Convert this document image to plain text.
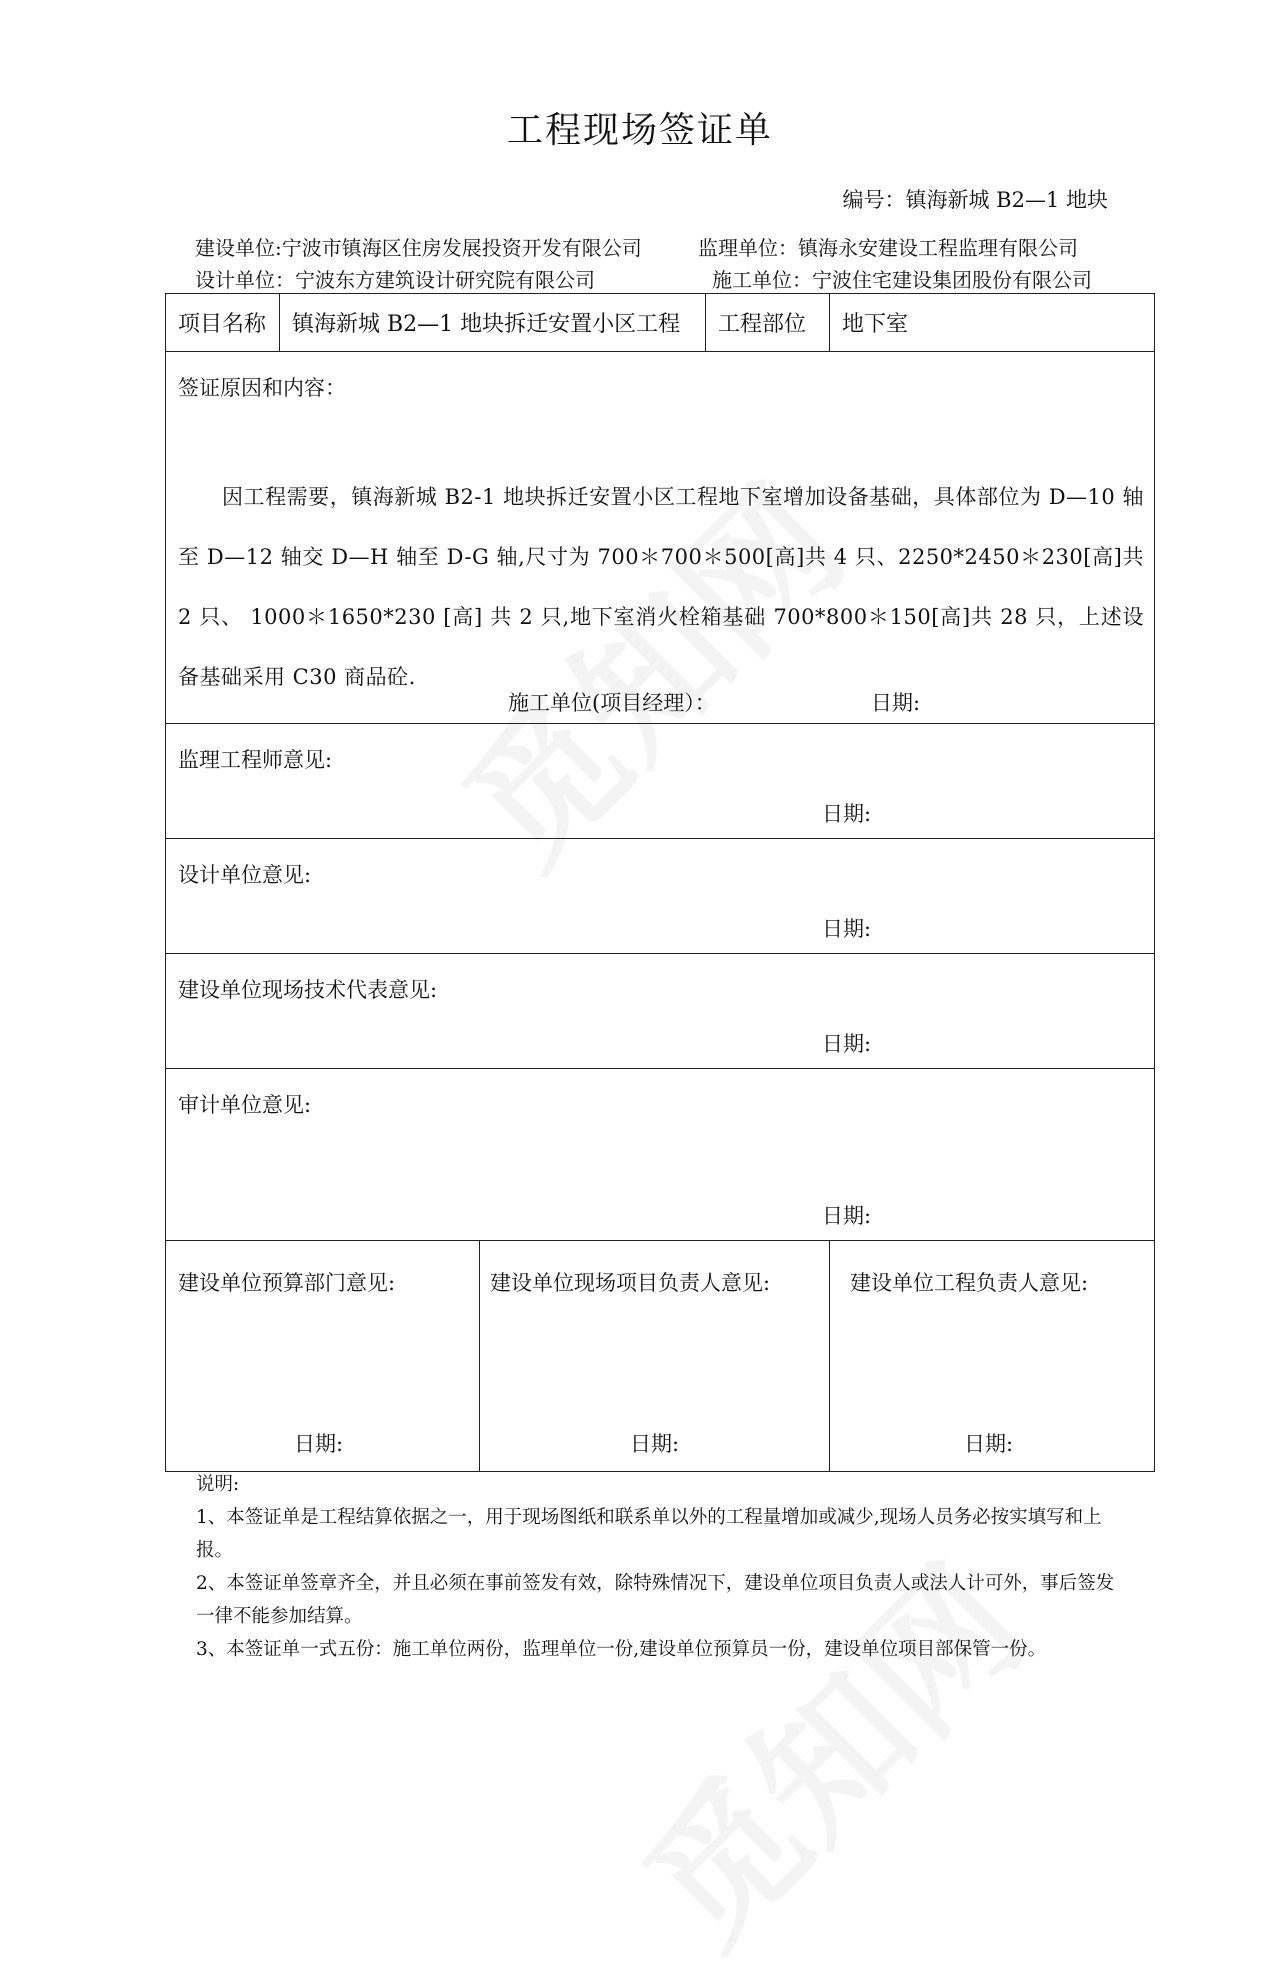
工程现场签证单
编号：镇海新城 B2—1 地块
建设单位:宁波市镇海区住房发展投资开发有限公司	监理单位：镇海永安建设工程监理有限公司
设计单位：宁波东方建筑设计研究院有限公司	施工单位：宁波住宅建设集团股份有限公司
项目名称	镇海新城 B2—1 地块拆迁安置小区工程	工程部位	地下室
签证原因和内容：
因工程需要，镇海新城 B2-1 地块拆迁安置小区工程地下室增加设备基础，具体部位为 D—10 轴至 D—12 轴交 D—H 轴至 D-G 轴,尺寸为 700＊700＊500[高]共 4 只、2250*2450＊230[高]共 2 只、 1000＊1650*230 [高] 共 2 只,地下室消火栓箱基础 700*800＊150[高]共 28 只，上述设备基础采用 C30 商品砼.
施工单位(项目经理）：	日期:
监理工程师意见:
日期:
设计单位意见:
日期:
建设单位现场技术代表意见:
日期:
审计单位意见:
日期:
建设单位预算部门意见:
日期:
建设单位现场项目负责人意见:
日期:
建设单位工程负责人意见:
日期:

说明:

1、本签证单是工程结算依据之一，用于现场图纸和联系单以外的工程量增加或减少,现场人员务必按实填写和上报。

2、本签证单签章齐全，并且必须在事前签发有效，除特殊情况下，建设单位项目负责人或法人计可外，事后签发一律不能参加结算。

3、本签证单一式五份：施工单位两份，监理单位一份,建设单位预算员一份，建设单位项目部保管一份。
